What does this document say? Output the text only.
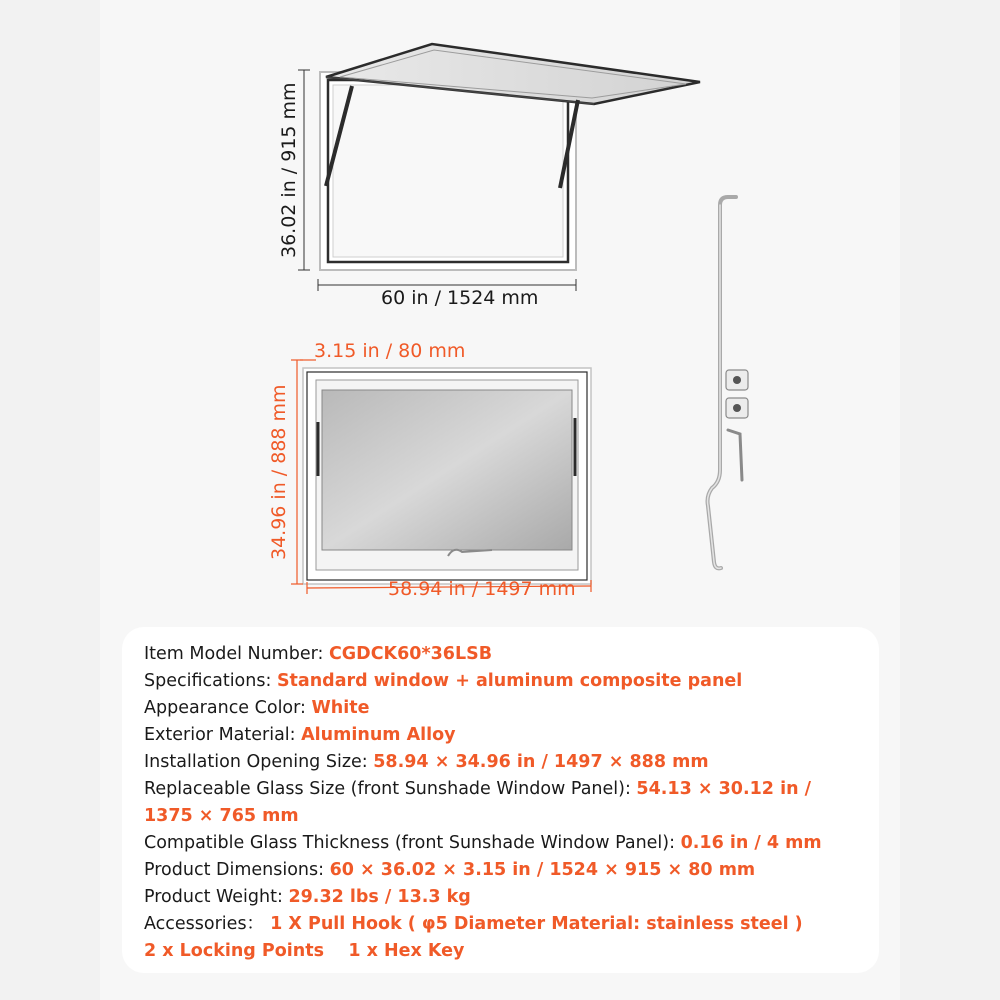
36.02 in / 915 mm
60 in / 1524 mm
3.15 in / 80 mm
34.96 in / 888 mm
58.94 in / 1497 mm
Item Model Number: CGDCK60*36LSB
Specifications: Standard window + aluminum composite panel
Appearance Color: White
Exterior Material: Aluminum Alloy
Installation Opening Size: 58.94 × 34.96 in / 1497 × 888 mm
Replaceable Glass Size (front Sunshade Window Panel): 54.13 × 30.12 in /
1375 × 765 mm
Compatible Glass Thickness (front Sunshade Window Panel): 0.16 in / 4 mm
Product Dimensions: 60 × 36.02 × 3.15 in / 1524 × 915 × 80 mm
Product Weight: 29.32 lbs / 13.3 kg
Accessories： 1 X Pull Hook ( φ5 Diameter Material: stainless steel )
2 x Locking Points    1 x Hex Key
